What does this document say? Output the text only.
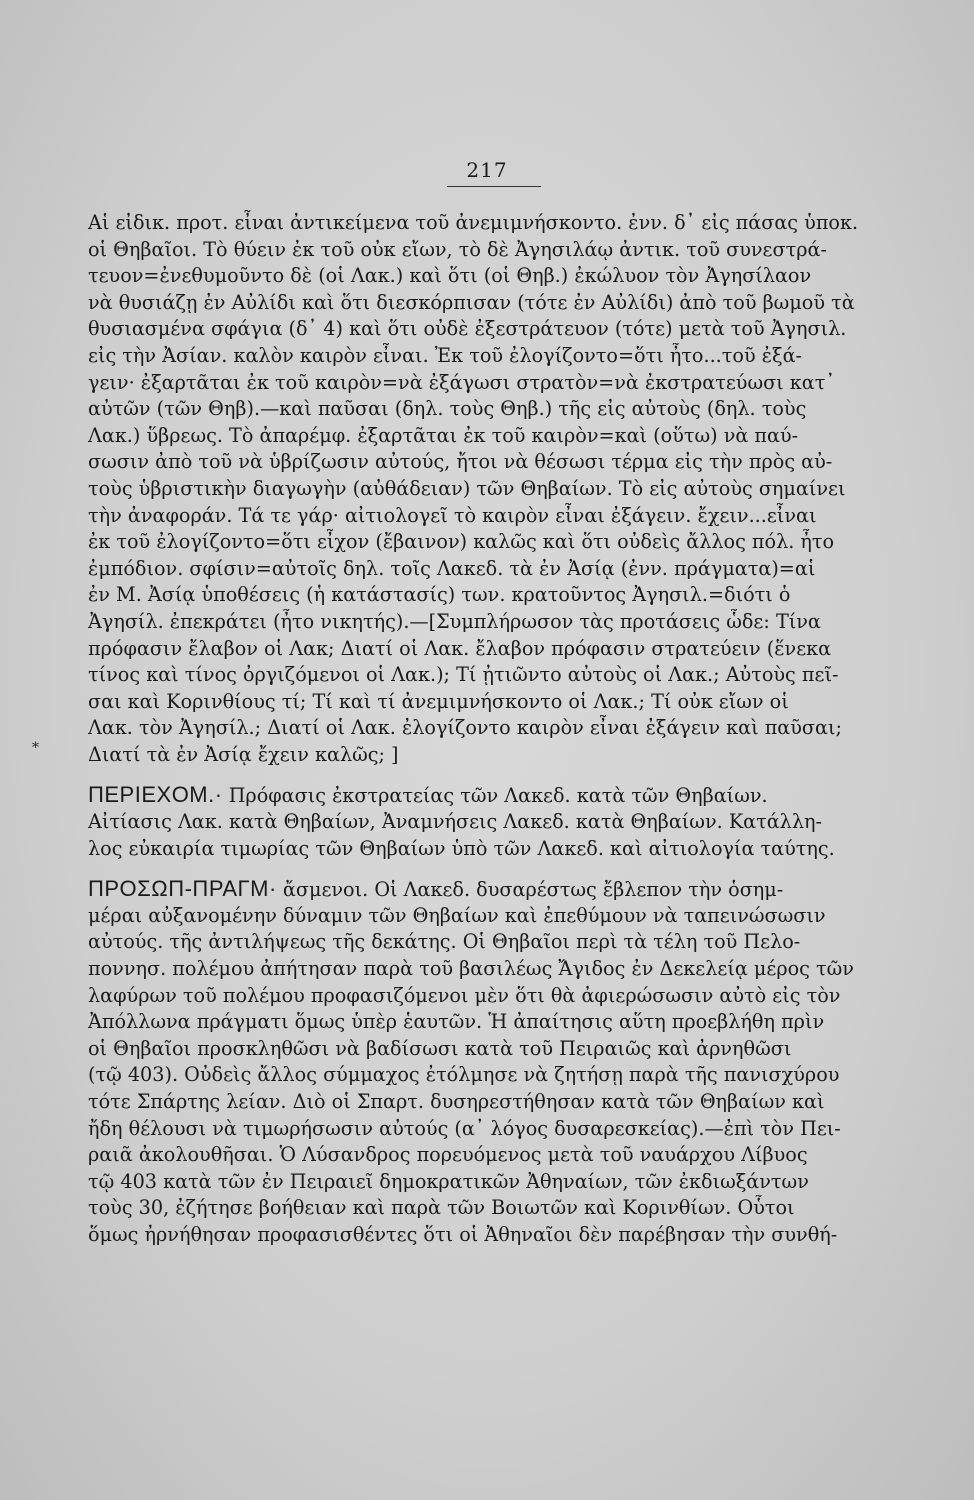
217
*
Αἱ εἰδικ. προτ. εἶναι ἀντικείμενα τοῦ ἀνεμιμνήσκοντο. ἐνν. δ᾽ εἰς πάσας ὑποκ.
οἱ Θηβαῖοι. Τὸ θύειν ἐκ τοῦ οὐκ εἴων, τὸ δὲ Ἀγησιλάῳ ἀντικ. τοῦ συνεστρά-
τευον=ἐνεθυμοῦντο δὲ (οἱ Λακ.) καὶ ὅτι (οἱ Θηβ.) ἐκώλυον τὸν Ἀγησίλαον
νὰ θυσιάζῃ ἐν Αὐλίδι καὶ ὅτι διεσκόρπισαν (τότε ἐν Αὐλίδι) ἀπὸ τοῦ βωμοῦ τὰ
θυσιασμένα σφάγια (δ᾽ 4) καὶ ὅτι οὐδὲ ἐξεστράτευον (τότε) μετὰ τοῦ Ἀγησιλ.
εἰς τὴν Ἀσίαν. καλὸν καιρὸν εἶναι. Ἐκ τοῦ ἐλογίζοντο=ὅτι ἦτο...τοῦ ἐξά-
γειν· ἐξαρτᾶται ἐκ τοῦ καιρὸν=νὰ ἐξάγωσι στρατὸν=νὰ ἐκστρατεύωσι κατ᾽
αὐτῶν (τῶν Θηβ).—καὶ παῦσαι (δηλ. τοὺς Θηβ.) τῆς εἰς αὐτοὺς (δηλ. τοὺς
Λακ.) ὕβρεως. Τὸ ἀπαρέμφ. ἐξαρτᾶται ἐκ τοῦ καιρὸν=καὶ (οὕτω) νὰ παύ-
σωσιν ἀπὸ τοῦ νὰ ὑβρίζωσιν αὐτούς, ἤτοι νὰ θέσωσι τέρμα εἰς τὴν πρὸς αὐ-
τοὺς ὑβριστικὴν διαγωγὴν (αὐθάδειαν) τῶν Θηβαίων. Τὸ εἰς αὐτοὺς σημαίνει
τὴν ἀναφοράν. Τά τε γάρ· αἰτιολογεῖ τὸ καιρὸν εἶναι ἐξάγειν. ἔχειν...εἶναι
ἐκ τοῦ ἐλογίζοντο=ὅτι εἶχον (ἔβαινον) καλῶς καὶ ὅτι οὐδεὶς ἄλλος πόλ. ἦτο
ἐμπόδιον. σφίσιν=αὐτοῖς δηλ. τοῖς Λακεδ. τὰ ἐν Ἀσίᾳ (ἐνν. πράγματα)=αἱ
ἐν Μ. Ἀσίᾳ ὑποθέσεις (ἡ κατάστασίς) των. κρατοῦντος Ἀγησιλ.=διότι ὁ
Ἀγησίλ. ἐπεκράτει (ἦτο νικητής).—[Συμπλήρωσον τὰς προτάσεις ὧδε: Τίνα
πρόφασιν ἔλαβον οἱ Λακ; Διατί οἱ Λακ. ἔλαβον πρόφασιν στρατεύειν (ἕνεκα
τίνος καὶ τίνος ὀργιζόμενοι οἱ Λακ.); Τί ᾐτιῶντο αὐτοὺς οἱ Λακ.; Αὐτοὺς πεῖ-
σαι καὶ Κορινθίους τί; Τί καὶ τί ἀνεμιμνήσκοντο οἱ Λακ.; Τί οὐκ εἴων οἱ
Λακ. τὸν Ἀγησίλ.; Διατί οἱ Λακ. ἐλογίζοντο καιρὸν εἶναι ἐξάγειν καὶ παῦσαι;
Διατί τὰ ἐν Ἀσίᾳ ἔχειν καλῶς; ]
ΠΕΡΙΕΧΟΜ.· Πρόφασις ἐκστρατείας τῶν Λακεδ. κατὰ τῶν Θηβαίων.
Αἰτίασις Λακ. κατὰ Θηβαίων, Ἀναμνήσεις Λακεδ. κατὰ Θηβαίων. Κατάλλη-
λος εὐκαιρία τιμωρίας τῶν Θηβαίων ὑπὸ τῶν Λακεδ. καὶ αἰτιολογία ταύτης.
ΠΡΟΣΩΠ-ΠΡΑΓΜ· ἄσμενοι. Οἱ Λακεδ. δυσαρέστως ἔβλεπον τὴν ὁσημ-
μέραι αὐξανομένην δύναμιν τῶν Θηβαίων καὶ ἐπεθύμουν νὰ ταπεινώσωσιν
αὐτούς. τῆς ἀντιλήψεως τῆς δεκάτης. Οἱ Θηβαῖοι περὶ τὰ τέλη τοῦ Πελο-
ποννησ. πολέμου ἀπήτησαν παρὰ τοῦ βασιλέως Ἄγιδος ἐν Δεκελείᾳ μέρος τῶν
λαφύρων τοῦ πολέμου προφασιζόμενοι μὲν ὅτι θὰ ἀφιερώσωσιν αὐτὸ εἰς τὸν
Ἀπόλλωνα πράγματι ὅμως ὑπὲρ ἑαυτῶν. Ἡ ἀπαίτησις αὕτη προεβλήθη πρὶν
οἱ Θηβαῖοι προσκληθῶσι νὰ βαδίσωσι κατὰ τοῦ Πειραιῶς καὶ ἀρνηθῶσι
(τῷ 403). Οὐδεὶς ἄλλος σύμμαχος ἐτόλμησε νὰ ζητήσῃ παρὰ τῆς πανισχύρου
τότε Σπάρτης λείαν. Διὸ οἱ Σπαρτ. δυσηρεστήθησαν κατὰ τῶν Θηβαίων καὶ
ἤδη θέλουσι νὰ τιμωρήσωσιν αὐτούς (α᾽ λόγος δυσαρεσκείας).—ἐπὶ τὸν Πει-
ραιᾶ ἀκολουθῆσαι. Ὁ Λύσανδρος πορευόμενος μετὰ τοῦ ναυάρχου Λίβυος
τῷ 403 κατὰ τῶν ἐν Πειραιεῖ δημοκρατικῶν Ἀθηναίων, τῶν ἐκδιωξάντων
τοὺς 30, ἐζήτησε βοήθειαν καὶ παρὰ τῶν Βοιωτῶν καὶ Κορινθίων. Οὗτοι
ὅμως ἠρνήθησαν προφασισθέντες ὅτι οἱ Ἀθηναῖοι δὲν παρέβησαν τὴν συνθή-
